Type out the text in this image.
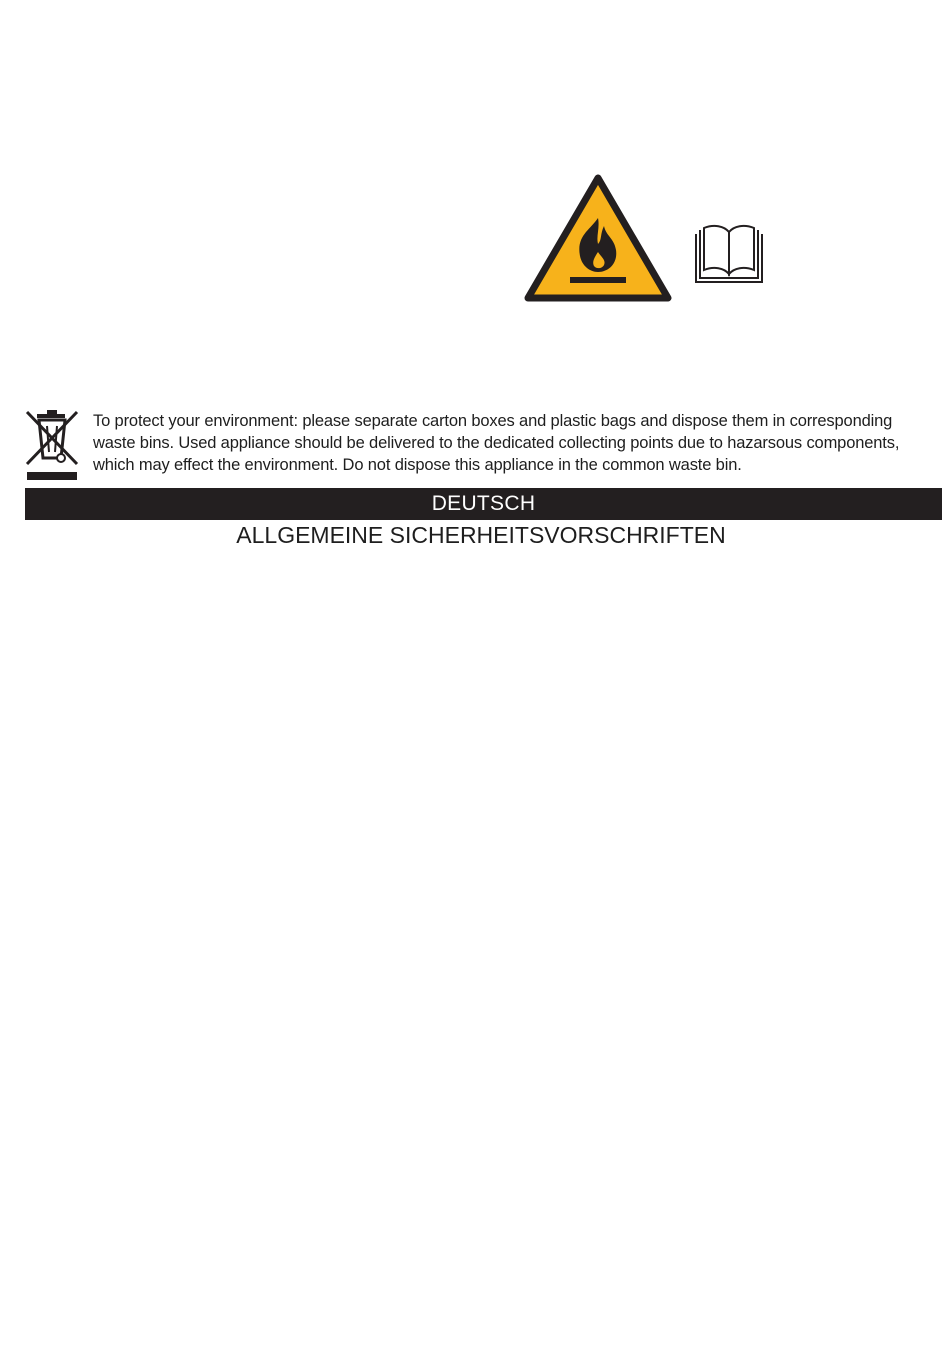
To protect your environment: please separate carton boxes and plastic bags and dispose them in corresponding waste bins. Used appliance should be delivered to the dedicated collecting points due to hazarsous components, which may effect the environment. Do not dispose this appliance in the common waste bin.
DEUTSCH
ALLGEMEINE SICHERHEITSVORSCHRIFTEN
